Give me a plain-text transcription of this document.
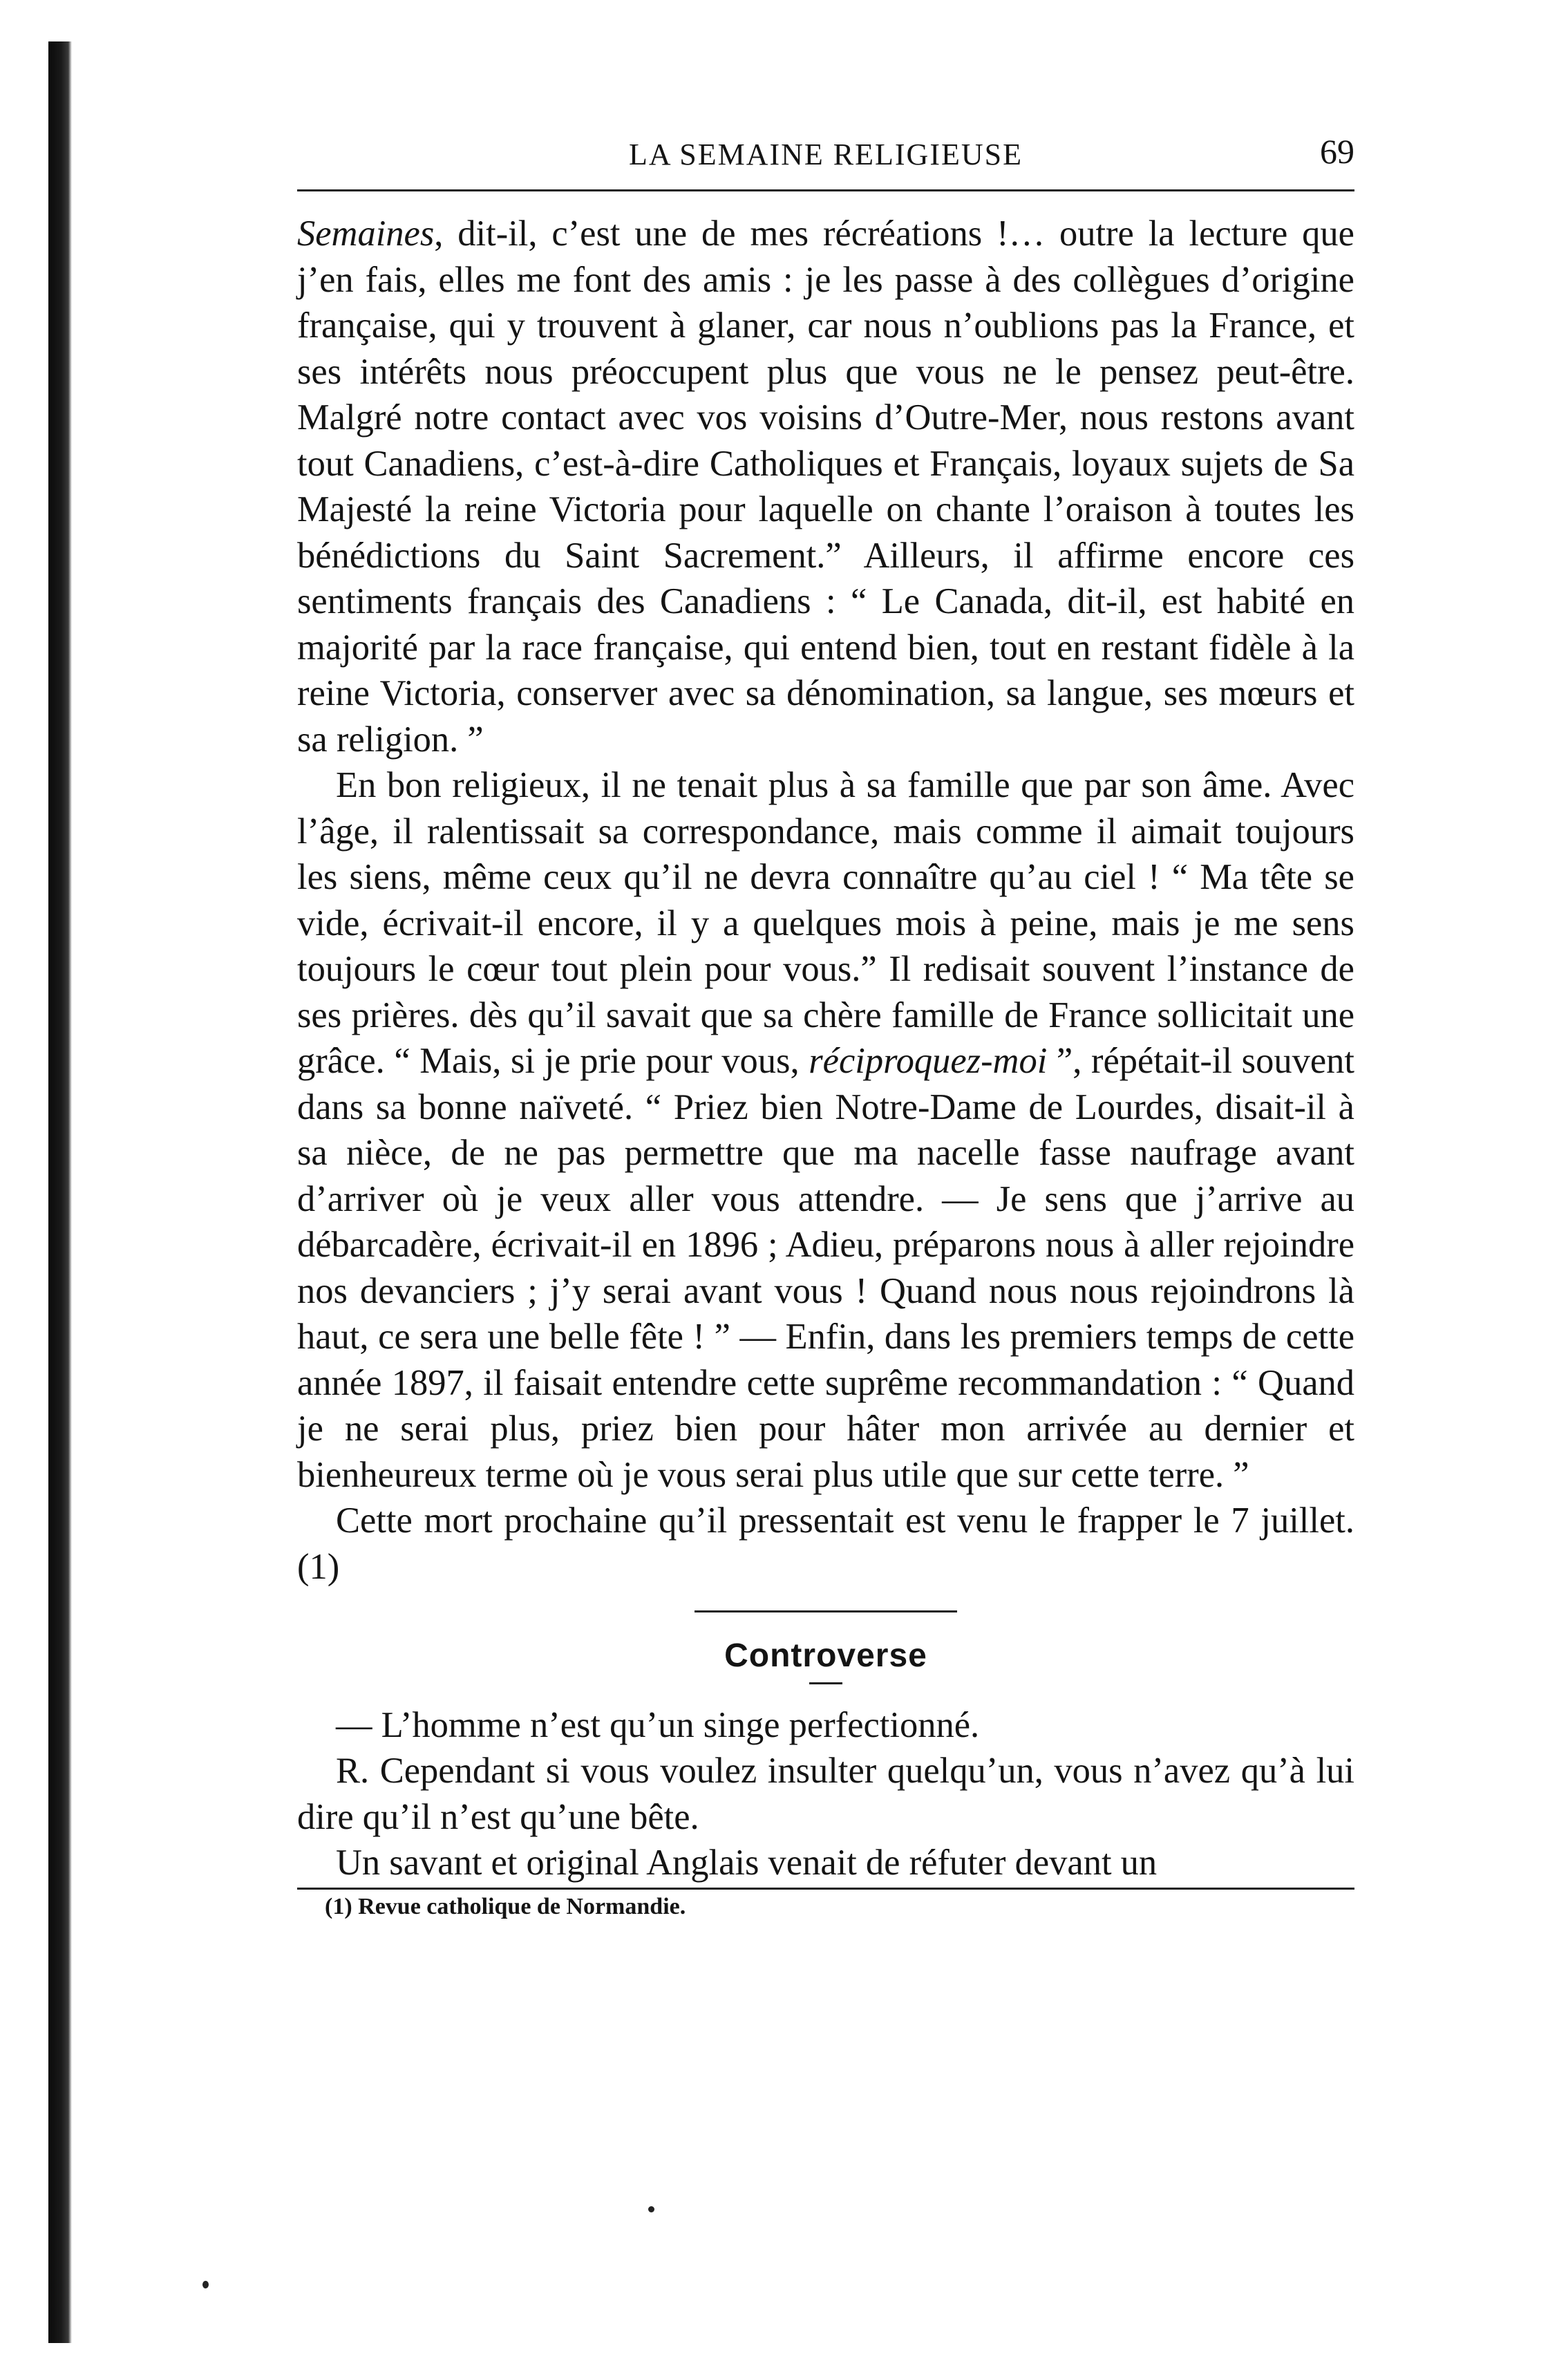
LA SEMAINE RELIGIEUSE	69

Semaines, dit-il, c’est une de mes récréations !… outre la lecture que j’en fais, elles me font des amis : je les passe à des collègues d’origine française, qui y trouvent à glaner, car nous n’oublions pas la France, et ses intérêts nous préoccupent plus que vous ne le pensez peut-être. Malgré notre contact avec vos voisins d’Outre-Mer, nous restons avant tout Canadiens, c’est-à-dire Catholiques et Français, loyaux sujets de Sa Majesté la reine Victoria pour laquelle on chante l’oraison à toutes les bénédictions du Saint Sacrement.” Ailleurs, il affirme encore ces sentiments français des Canadiens : “ Le Canada, dit-il, est habité en majorité par la race française, qui entend bien, tout en restant fidèle à la reine Victoria, conserver avec sa dénomination, sa langue, ses mœurs et sa religion. ”

En bon religieux, il ne tenait plus à sa famille que par son âme. Avec l’âge, il ralentissait sa correspondance, mais comme il aimait toujours les siens, même ceux qu’il ne devra connaître qu’au ciel ! “ Ma tête se vide, écrivait-il encore, il y a quelques mois à peine, mais je me sens toujours le cœur tout plein pour vous.” Il redisait souvent l’instance de ses prières. dès qu’il savait que sa chère famille de France sollicitait une grâce. “ Mais, si je prie pour vous, réciproquez-moi ”, répétait-il souvent dans sa bonne naïveté. “ Priez bien Notre-Dame de Lourdes, disait-il à sa nièce, de ne pas permettre que ma nacelle fasse naufrage avant d’arriver où je veux aller vous attendre. — Je sens que j’arrive au débarcadère, écrivait-il en 1896 ; Adieu, préparons nous à aller rejoindre nos devanciers ; j’y serai avant vous ! Quand nous nous rejoindrons là haut, ce sera une belle fête ! ” — Enfin, dans les premiers temps de cette année 1897, il faisait entendre cette suprême recommandation : “ Quand je ne serai plus, priez bien pour hâter mon arrivée au dernier et bienheureux terme où je vous serai plus utile que sur cette terre. ”

Cette mort prochaine qu’il pressentait est venu le frapper le 7 juillet. (1)

Controverse

— L’homme n’est qu’un singe perfectionné.

R. Cependant si vous voulez insulter quelqu’un, vous n’avez qu’à lui dire qu’il n’est qu’une bête.

Un savant et original Anglais venait de réfuter devant un

(1) Revue catholique de Normandie.
